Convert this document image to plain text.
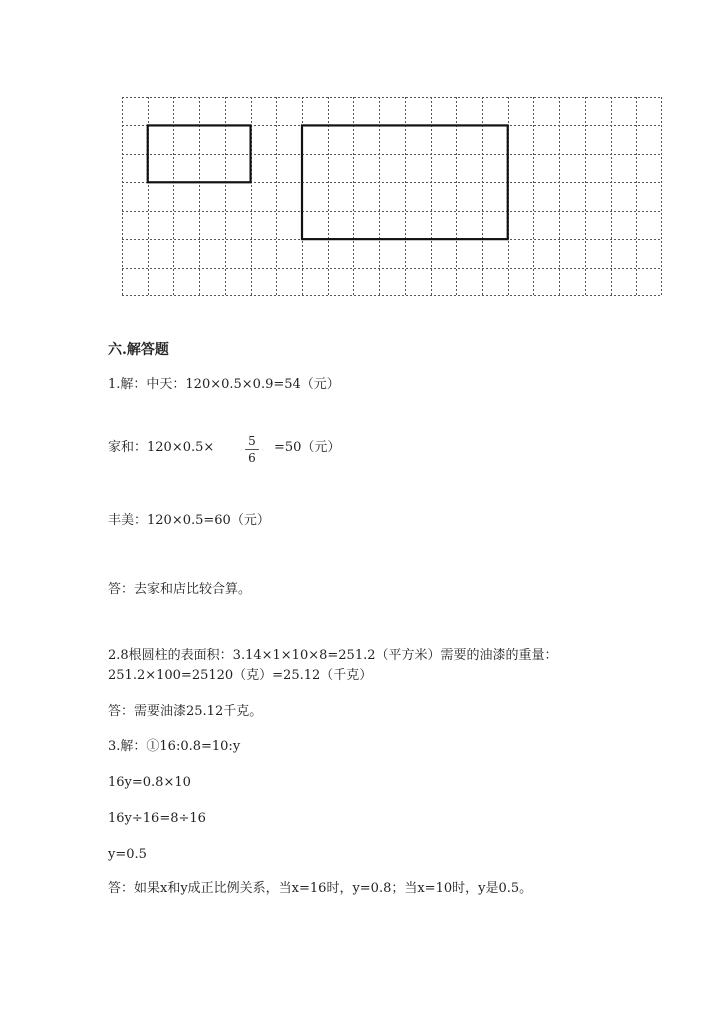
六.解答题
1.解：中天：120×0.5×0.9=54（元）
家和：120×0.5×	$\frac{5}{6} =50$（元）
丰美：120×0.5=60（元）
答：去家和店比较合算。
2.8根圆柱的表面积：3.14×1×10×8=251.2（平方米）需要的油漆的重量：
251.2×100=25120（克）=25.12（千克）
答：需要油漆25.12千克。
3.解：①16:0.8=10:y
16y=0.8×10
16y÷16=8÷16
y=0.5
答：如果x和y成正比例关系，当x=16时，y=0.8；当x=10时，y是0.5。
